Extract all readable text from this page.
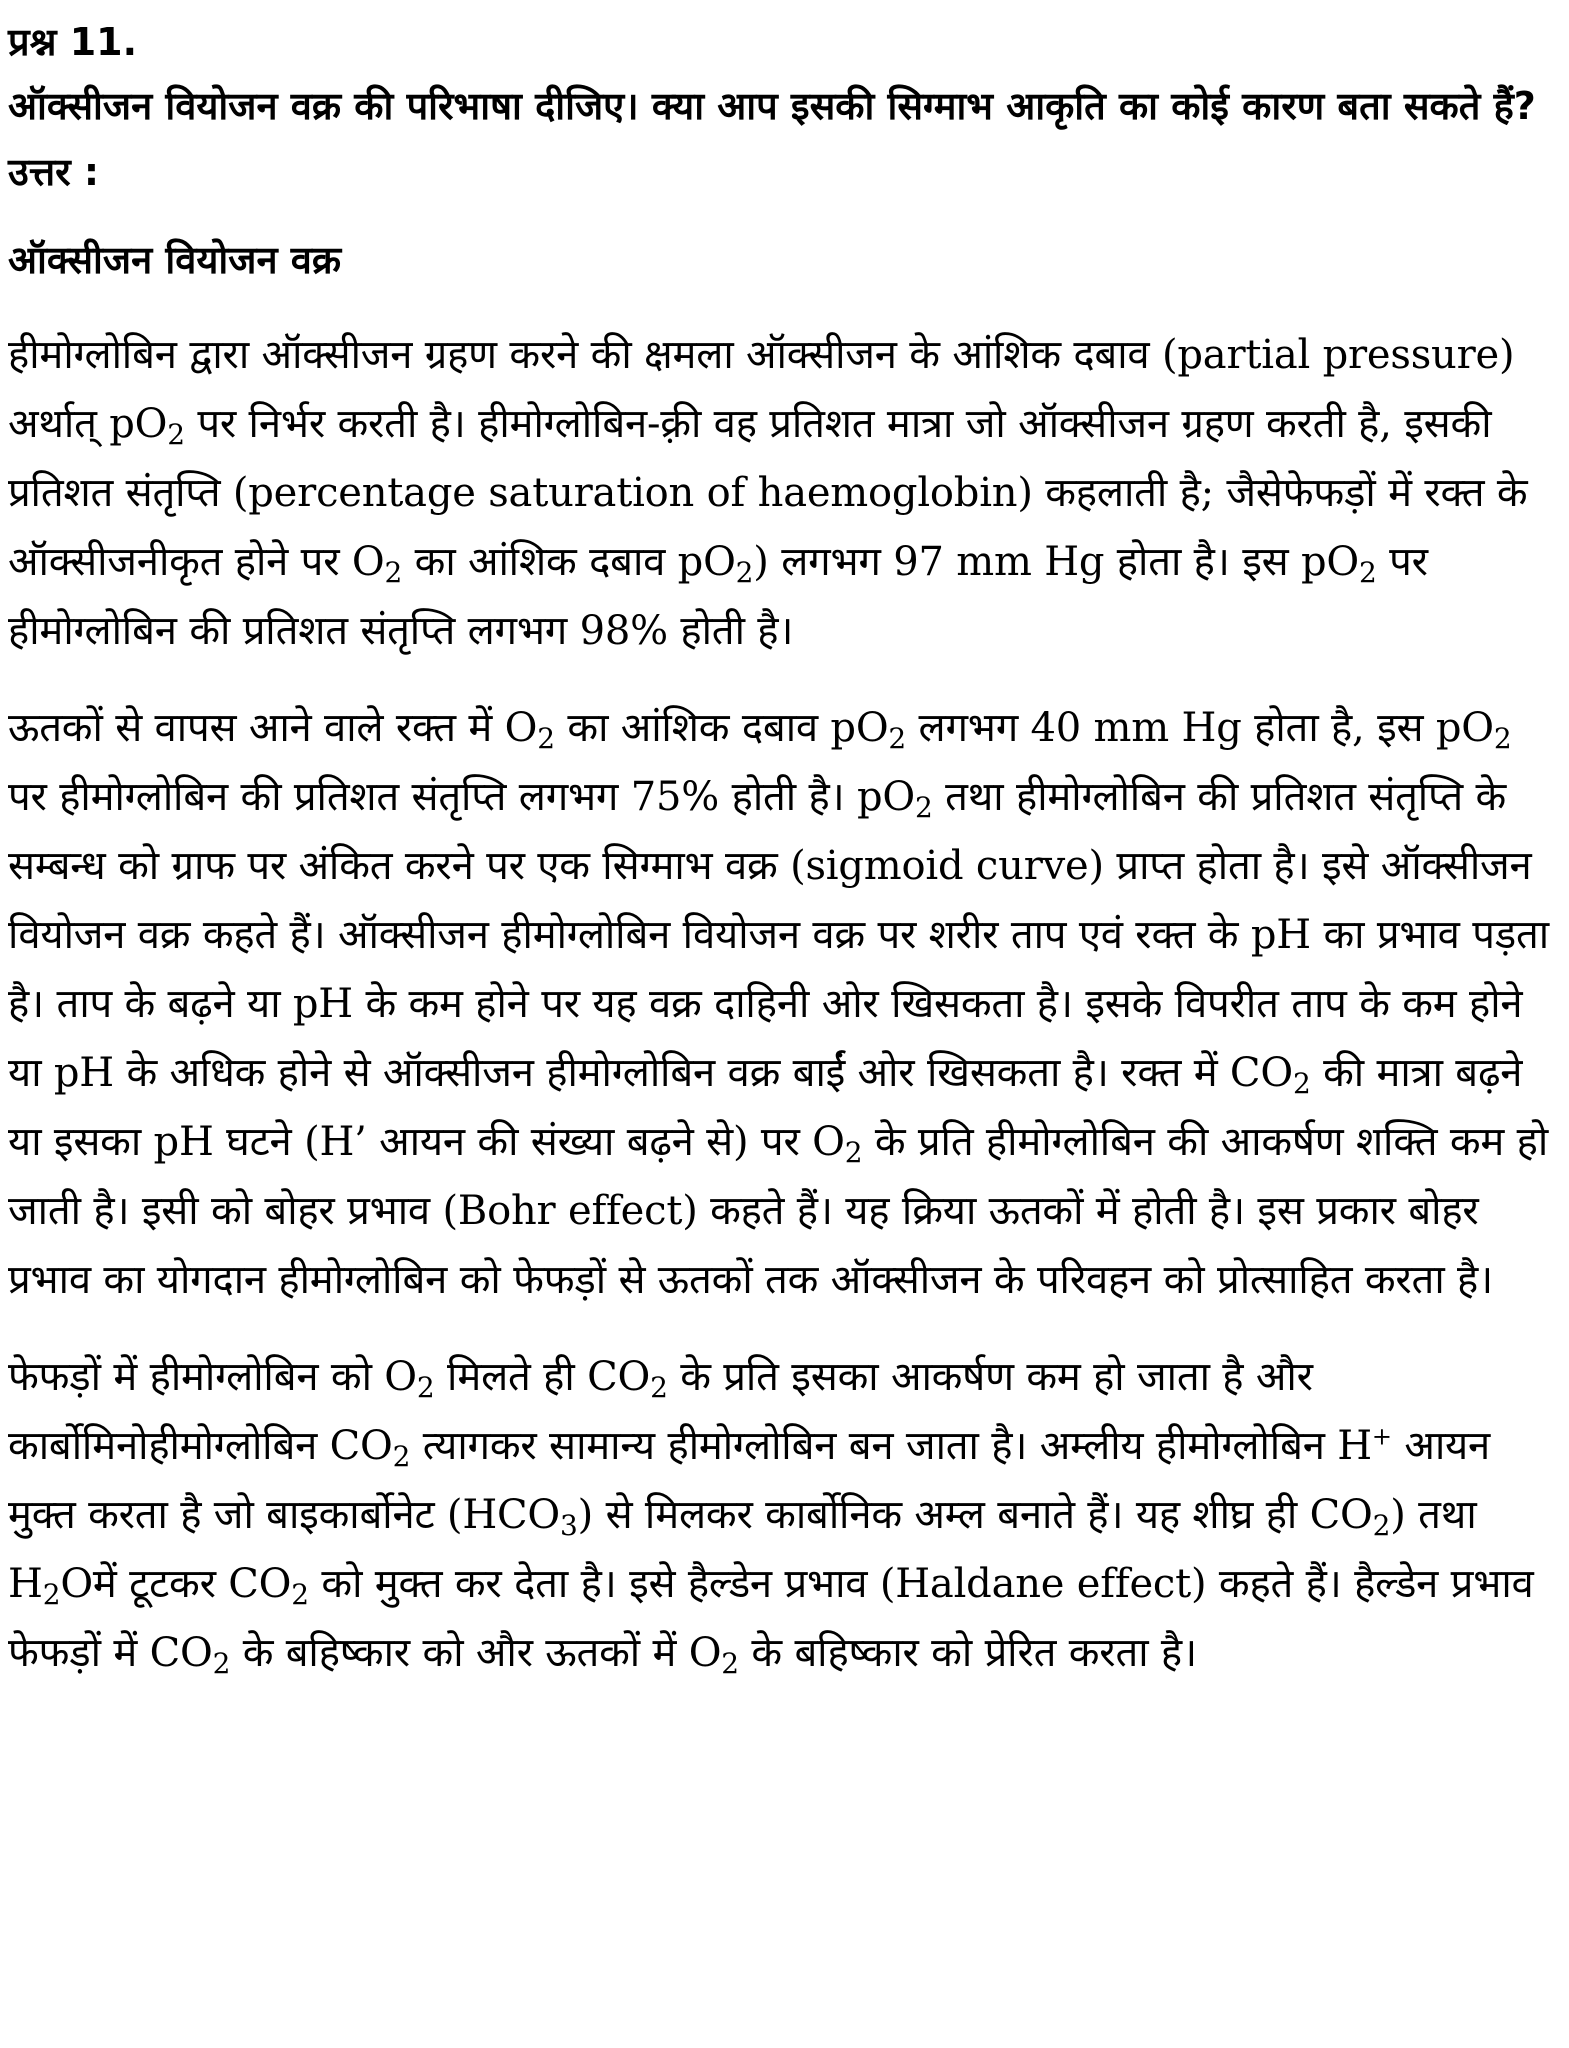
प्रश्न 11.
ऑक्सीजन वियोजन वक्र की परिभाषा दीजिए। क्या आप इसकी सिग्माभ आकृति का कोई कारण बता सकते हैं?
उत्तर :
ऑक्सीजन वियोजन वक्र

हीमोग्लोबिन द्वारा ऑक्सीजन ग्रहण करने की क्षमला ऑक्सीजन के आंशिक दबाव (partial pressure) अर्थात् $pO_2$ पर निर्भर करती है। हीमोग्लोबिन-क़्री वह प्रतिशत मात्रा जो ऑक्सीजन ग्रहण करती है, इसकी प्रतिशत संतृप्ति (percentage saturation of haemoglobin) कहलाती है; जैसेफेफड़ों में रक्त के ऑक्सीजनीकृत होने पर $O_2$ का आंशिक दबाव $pO_2$) लगभग 97 mm Hg होता है। इस $pO_2$ पर हीमोग्लोबिन की प्रतिशत संतृप्ति लगभग 98% होती है।

ऊतकों से वापस आने वाले रक्त में $O_2$ का आंशिक दबाव $pO_2$ लगभग 40 mm Hg होता है, इस $pO_2$ पर हीमोग्लोबिन की प्रतिशत संतृप्ति लगभग 75% होती है। $pO_2$ तथा हीमोग्लोबिन की प्रतिशत संतृप्ति के सम्बन्ध को ग्राफ पर अंकित करने पर एक सिग्माभ वक्र (sigmoid curve) प्राप्त होता है। इसे ऑक्सीजन वियोजन वक्र कहते हैं। ऑक्सीजन हीमोग्लोबिन वियोजन वक्र पर शरीर ताप एवं रक्त के pH का प्रभाव पड़ता है। ताप के बढ़ने या pH के कम होने पर यह वक्र दाहिनी ओर खिसकता है। इसके विपरीत ताप के कम होने या pH के अधिक होने से ऑक्सीजन हीमोग्लोबिन वक्र बाईं ओर खिसकता है। रक्त में $CO_2$ की मात्रा बढ़ने या इसका pH घटने (H’ आयन की संख्या बढ़ने से) पर $O_2$ के प्रति हीमोग्लोबिन की आकर्षण शक्ति कम हो जाती है। इसी को बोहर प्रभाव (Bohr effect) कहते हैं। यह क्रिया ऊतकों में होती है। इस प्रकार बोहर प्रभाव का योगदान हीमोग्लोबिन को फेफड़ों से ऊतकों तक ऑक्सीजन के परिवहन को प्रोत्साहित करता है।

फेफड़ों में हीमोग्लोबिन को $O_2$ मिलते ही $CO_2$ के प्रति इसका आकर्षण कम हो जाता है और कार्बोमिनोहीमोग्लोबिन $CO_2$ त्यागकर सामान्य हीमोग्लोबिन बन जाता है। अम्लीय हीमोग्लोबिन H+ आयन मुक्त करता है जो बाइकार्बोनेट $(HCO_3)$ से मिलकर कार्बोनिक अम्ल बनाते हैं। यह शीघ्र ही $CO_2$) तथा $H_2Oमें$ टूटकर $CO_2$ को मुक्त कर देता है। इसे हैल्डेन प्रभाव (Haldane effect) कहते हैं। हैल्डेन प्रभाव फेफड़ों में $CO_2$ के बहिष्कार को और ऊतकों में $O_2$ के बहिष्कार को प्रेरित करता है।
